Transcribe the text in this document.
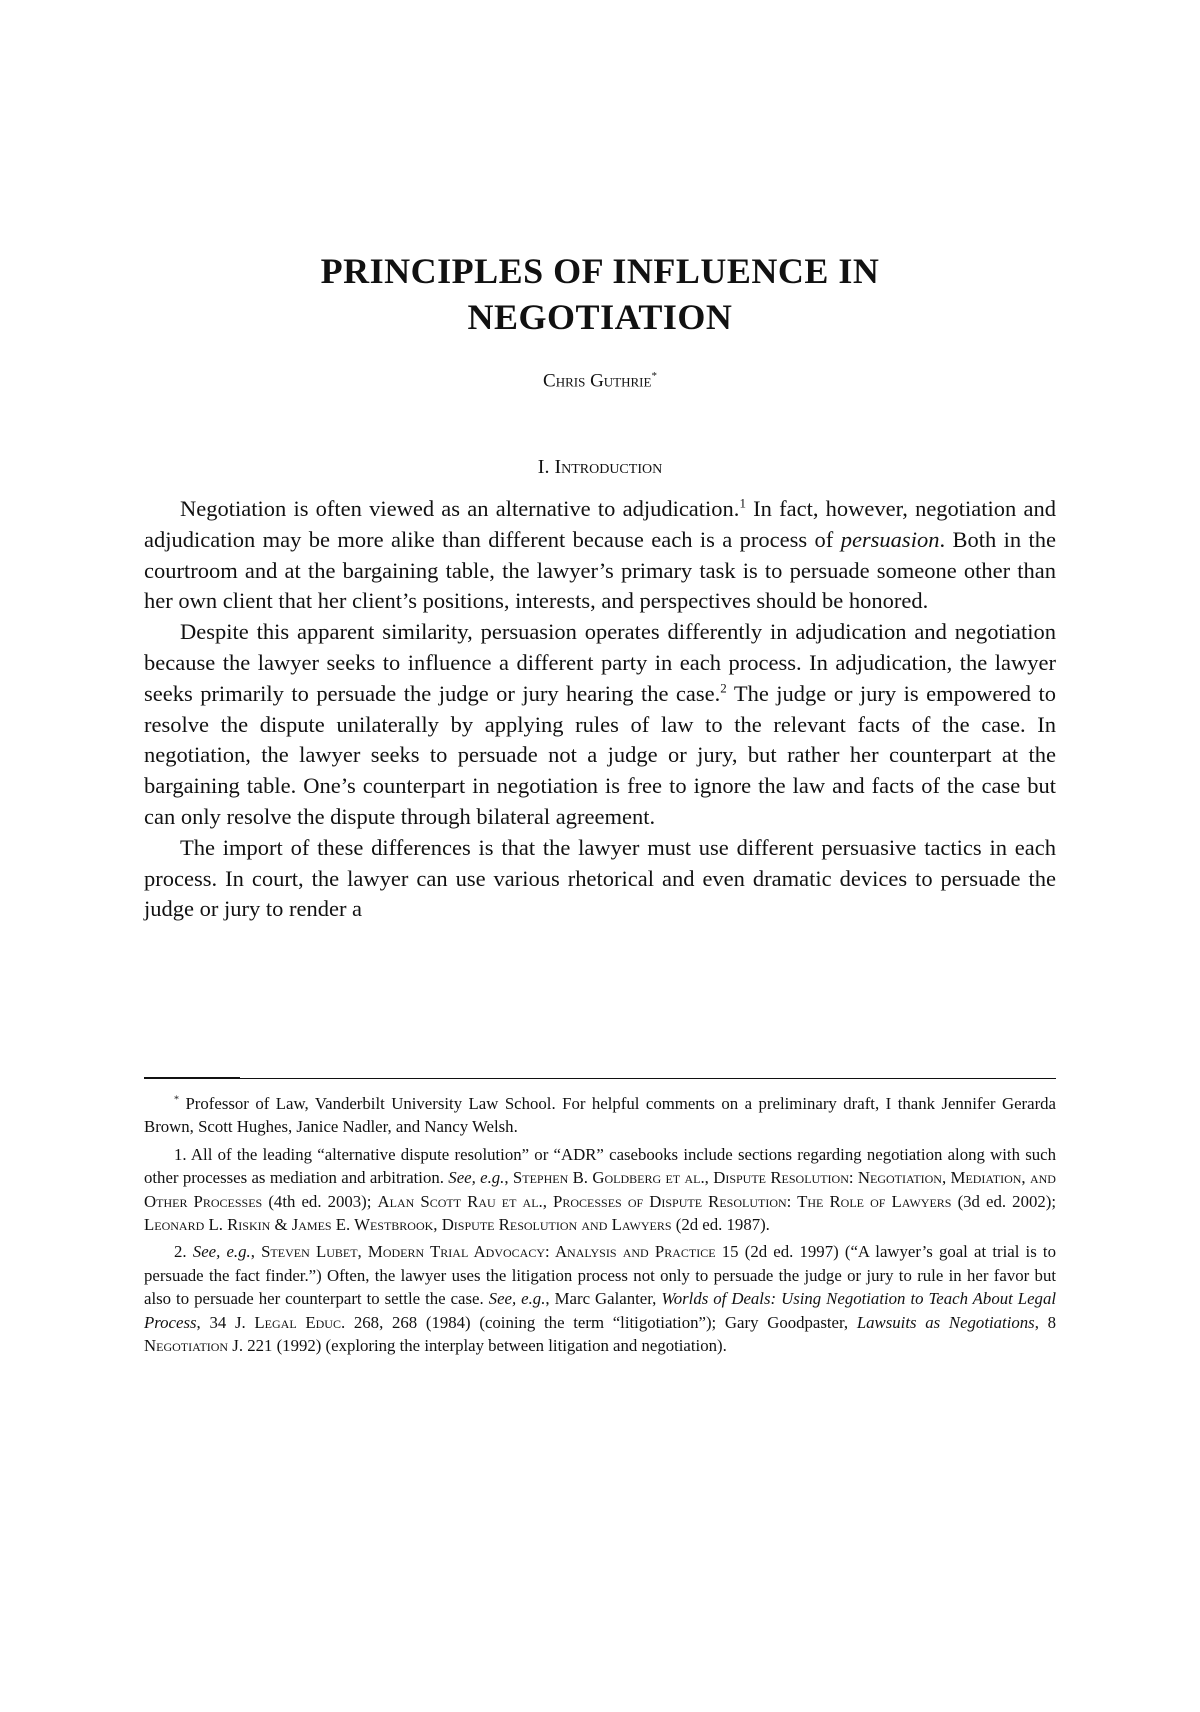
PRINCIPLES OF INFLUENCE IN
NEGOTIATION
Chris Guthrie*
I. Introduction

Negotiation is often viewed as an alternative to adjudication.$^1$ In fact, however, negotiation and adjudication may be more alike than different because each is a process of persuasion. Both in the courtroom and at the bargaining table, the lawyer’s primary task is to persuade someone other than her own client that her client’s positions, interests, and perspectives should be honored.

Despite this apparent similarity, persuasion operates differently in adjudication and negotiation because the lawyer seeks to influence a different party in each process. In adjudication, the lawyer seeks primarily to persuade the judge or jury hearing the case.$^2$ The judge or jury is empowered to resolve the dispute unilaterally by applying rules of law to the relevant facts of the case. In negotiation, the lawyer seeks to persuade not a judge or jury, but rather her counterpart at the bargaining table. One’s counterpart in negotiation is free to ignore the law and facts of the case but can only resolve the dispute through bilateral agreement.

The import of these differences is that the lawyer must use different persuasive tactics in each process. In court, the lawyer can use various rhetorical and even dramatic devices to persuade the judge or jury to render a

* Professor of Law, Vanderbilt University Law School. For helpful comments on a preliminary draft, I thank Jennifer Gerarda Brown, Scott Hughes, Janice Nadler, and Nancy Welsh.

1. All of the leading “alternative dispute resolution” or “ADR” casebooks include sections regarding negotiation along with such other processes as mediation and arbitration. See, e.g., Stephen B. Goldberg et al., Dispute Resolution: Negotiation, Mediation, and Other Processes (4th ed. 2003); Alan Scott Rau et al., Processes of Dispute Resolution: The Role of Lawyers (3d ed. 2002); Leonard L. Riskin & James E. Westbrook, Dispute Resolution and Lawyers (2d ed. 1987).

2. See, e.g., Steven Lubet, Modern Trial Advocacy: Analysis and Practice 15 (2d ed. 1997) (“A lawyer’s goal at trial is to persuade the fact finder.”) Often, the lawyer uses the litigation process not only to persuade the judge or jury to rule in her favor but also to persuade her counterpart to settle the case. See, e.g., Marc Galanter, Worlds of Deals: Using Negotiation to Teach About Legal Process, 34 J. Legal Educ. 268, 268 (1984) (coining the term “litigotiation”); Gary Goodpaster, Lawsuits as Negotiations, 8 Negotiation J. 221 (1992) (exploring the interplay between litigation and negotiation).
